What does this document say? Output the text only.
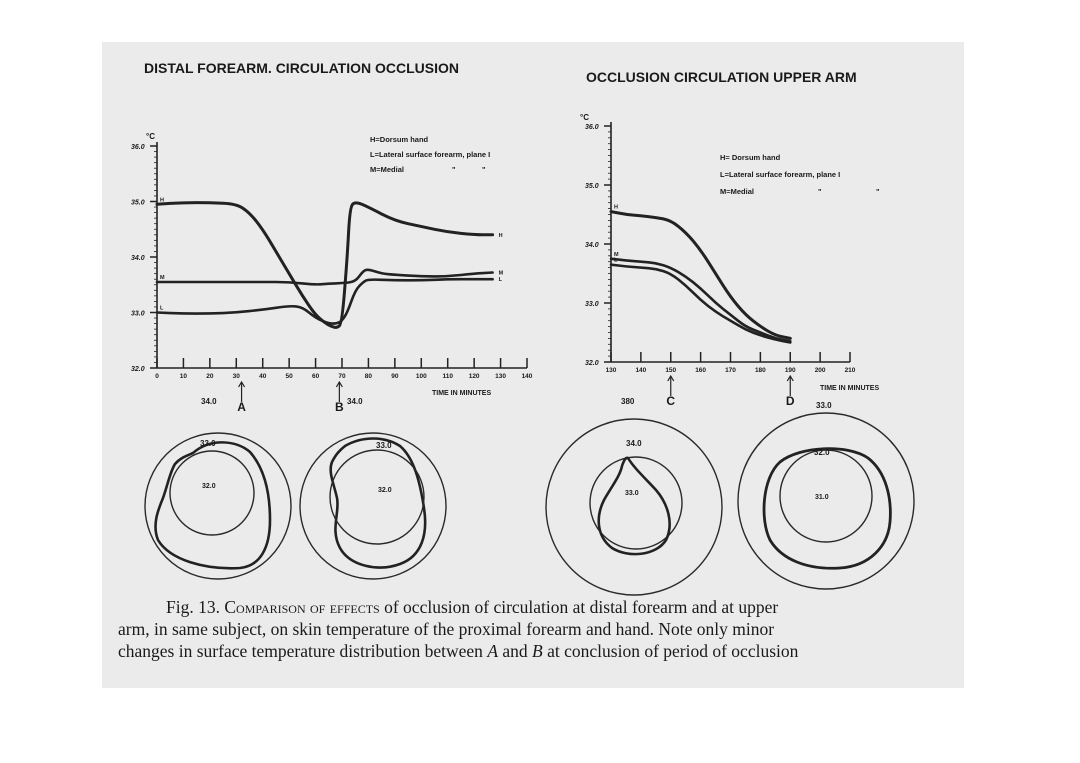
DISTAL FOREARM. CIRCULATION OCCLUSION
°C	H=Dorsum hand
L=Lateral surface forearm, plane I
M=Medial	"	"
32.0
33.0
34.0
35.0
36.0
0	10	20	30	40	50	60	70	80	90	100 110 120 130 140
H
H
M
M
L
L
TIME IN MINUTES
OCCLUSION CIRCULATION UPPER ARM
°C
H= Dorsum hand
L=Lateral surface forearm, plane I
M=Medial	"	"
32.0
33.0
34.0
35.0
36.0
130	140	150	160	170	180	190	200	210
H
M
L
TIME IN MINUTES
A	B	C	D
34.0
33.0
32.0
34.0
33.0
32.0
380
34.0
33.0
33.0
32.0
31.0
Fig. 13. Comparison of effects of occlusion of circulation at distal forearm and at upper
arm, in same subject, on skin temperature of the proximal forearm and hand. Note only minor
changes in surface temperature distribution between A and B at conclusion of period of occlusion
